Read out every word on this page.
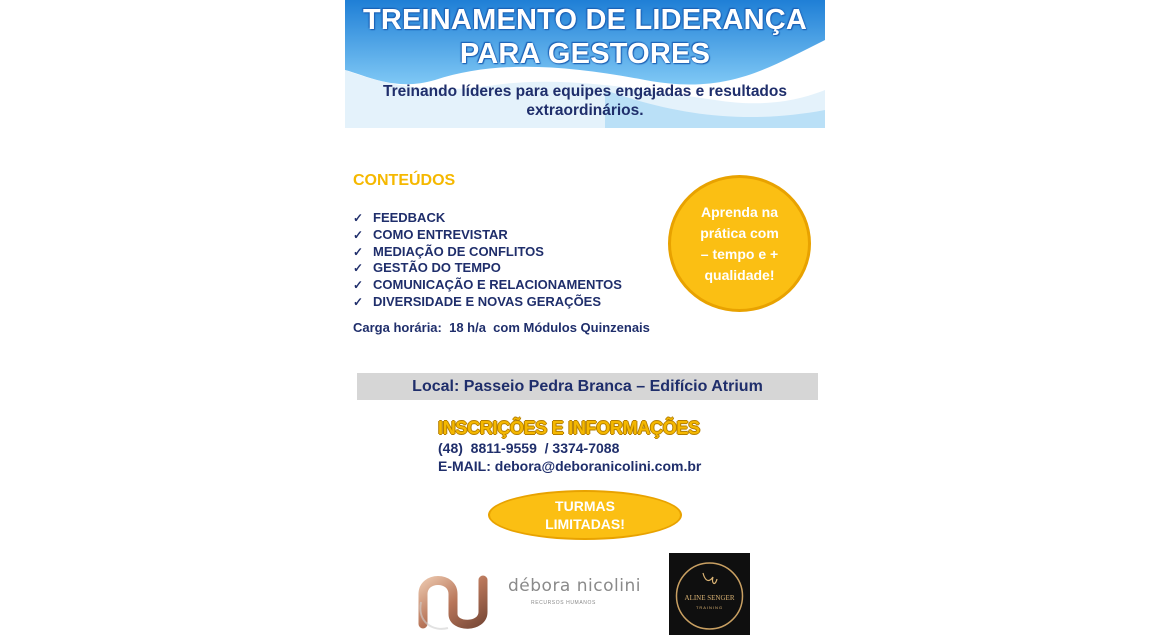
TREINAMENTO DE LIDERANÇA
PARA GESTORES
Treinando líderes para equipes engajadas e resultados
extraordinários.
CONTEÚDOS
✓ FEEDBACK
✓ COMO ENTREVISTAR
✓ MEDIAÇÃO DE CONFLITOS
✓ GESTÃO DO TEMPO
✓ COMUNICAÇÃO E RELACIONAMENTOS
✓ DIVERSIDADE E NOVAS GERAÇÕES
Carga horária:  18 h/a  com Módulos Quinzenais
Aprenda na
prática com
– tempo e +
qualidade!
Local: Passeio Pedra Branca – Edifício Atrium
INSCRIÇÕES E INFORMAÇÕES
(48)  8811-9559  / 3374-7088
E-MAIL: debora@deboranicolini.com.br
TURMAS
LIMITADAS!
débora nicolini
RECURSOS HUMANOS
ALINE SENGER
TRAINING
